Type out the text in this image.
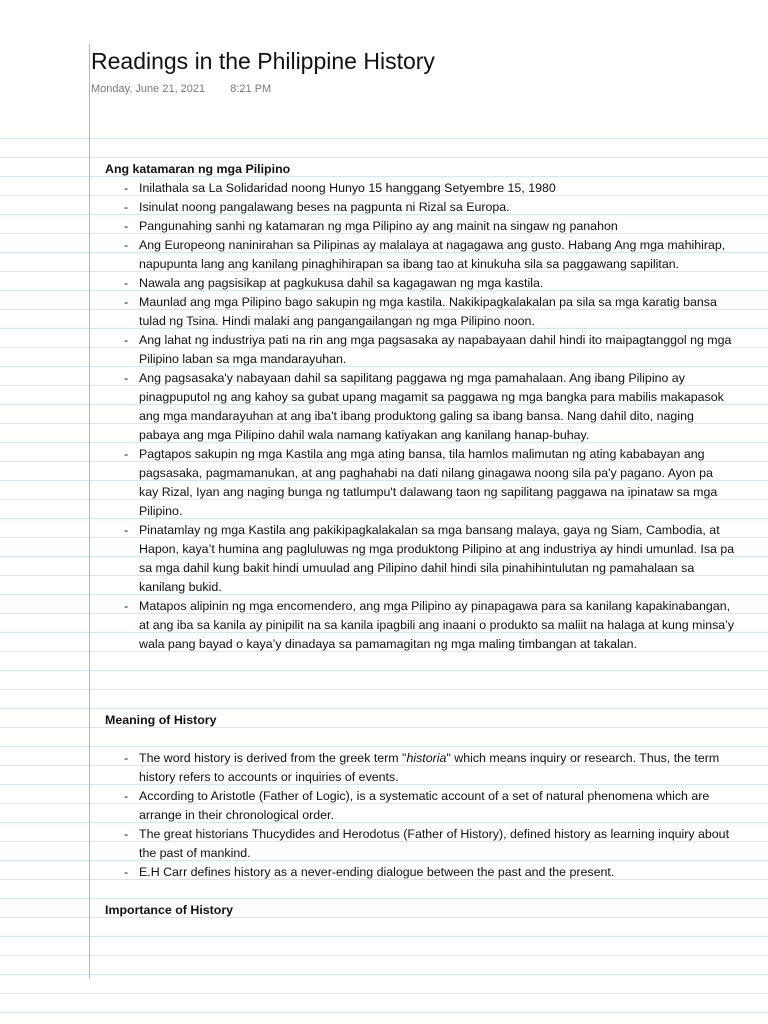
Readings in the Philippine History
Monday, June 21, 2021 8:21 PM
Ang katamaran ng mga Pilipino
- Inilathala sa La Solidaridad noong Hunyo 15 hanggang Setyembre 15, 1980
- Isinulat noong pangalawang beses na pagpunta ni Rizal sa Europa.
- Pangunahing sanhi ng katamaran ng mga Pilipino ay ang mainit na singaw ng panahon
- Ang Europeong naninirahan sa Pilipinas ay malalaya at nagagawa ang gusto. Habang Ang mga mahihirap, napupunta lang ang kanilang pinaghihirapan sa ibang tao at kinukuha sila sa paggawang sapilitan.
- Nawala ang pagsisikap at pagkukusa dahil sa kagagawan ng mga kastila.
- Maunlad ang mga Pilipino bago sakupin ng mga kastila. Nakikipagkalakalan pa sila sa mga karatig bansa tulad ng Tsina. Hindi malaki ang pangangailangan ng mga Pilipino noon.
- Ang lahat ng industriya pati na rin ang mga pagsasaka ay napabayaan dahil hindi ito maipagtanggol ng mga Pilipino laban sa mga mandarayuhan.
- Ang pagsasaka'y nabayaan dahil sa sapilitang paggawa ng mga pamahalaan. Ang ibang Pilipino ay pinagpuputol ng ang kahoy sa gubat upang magamit sa paggawa ng mga bangka para mabilis makapasok ang mga mandarayuhan at ang iba't ibang produktong galing sa ibang bansa. Nang dahil dito, naging pabaya ang mga Pilipino dahil wala namang katiyakan ang kanilang hanap-buhay.
- Pagtapos sakupin ng mga Kastila ang mga ating bansa, tila hamlos malimutan ng ating kababayan ang pagsasaka, pagmamanukan, at ang paghahabi na dati nilang ginagawa noong sila pa'y pagano. Ayon pa kay Rizal, Iyan ang naging bunga ng tatlumpu't dalawang taon ng sapilitang paggawa na ipinataw sa mga Pilipino.
- Pinatamlay ng mga Kastila ang pakikipagkalakalan sa mga bansang malaya, gaya ng Siam, Cambodia, at Hapon, kaya’t humina ang pagluluwas ng mga produktong Pilipino at ang industriya ay hindi umunlad. Isa pa sa mga dahil kung bakit hindi umuulad ang Pilipino dahil hindi sila pinahihintulutan ng pamahalaan sa kanilang bukid.
- Matapos alipinin ng mga encomendero, ang mga Pilipino ay pinapagawa para sa kanilang kapakinabangan, at ang iba sa kanila ay pinipilit na sa kanila ipagbili ang inaani o produkto sa maliit na halaga at kung minsa’y wala pang bayad o kaya’y dinadaya sa pamamagitan ng mga maling timbangan at takalan.
Meaning of History
- The word history is derived from the greek term "historia" which means inquiry or research. Thus, the term history refers to accounts or inquiries of events.
- According to Aristotle (Father of Logic), is a systematic account of a set of natural phenomena which are arrange in their chronological order.
- The great historians Thucydides and Herodotus (Father of History), defined history as learning inquiry about the past of mankind.
- E.H Carr defines history as a never-ending dialogue between the past and the present.
Importance of History
